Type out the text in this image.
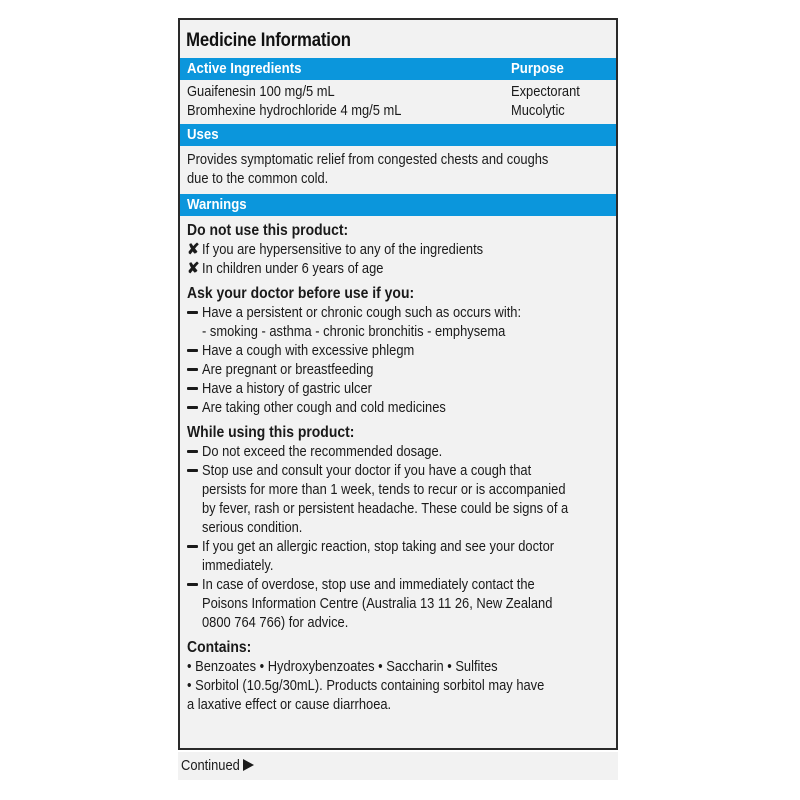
Medicine Information
Active Ingredients	Purpose
Guaifenesin 100 mg/5 mL	Expectorant
Bromhexine hydrochloride 4 mg/5 mL	Mucolytic
Uses
Provides symptomatic relief from congested chests and coughs
due to the common cold.
Warnings
Do not use this product:
✘ If you are hypersensitive to any of the ingredients
✘ In children under 6 years of age
Ask your doctor before use if you:
Have a persistent or chronic cough such as occurs with:
- smoking - asthma - chronic bronchitis - emphysema
Have a cough with excessive phlegm
Are pregnant or breastfeeding
Have a history of gastric ulcer
Are taking other cough and cold medicines
While using this product:
Do not exceed the recommended dosage.
Stop use and consult your doctor if you have a cough that
persists for more than 1 week, tends to recur or is accompanied
by fever, rash or persistent headache. These could be signs of a
serious condition.
If you get an allergic reaction, stop taking and see your doctor
immediately.
In case of overdose, stop use and immediately contact the
Poisons Information Centre (Australia 13 11 26, New Zealand
0800 764 766) for advice.
Contains:
• Benzoates • Hydroxybenzoates • Saccharin • Sulfites
• Sorbitol (10.5g/30mL). Products containing sorbitol may have
a laxative effect or cause diarrhoea.
Continued
